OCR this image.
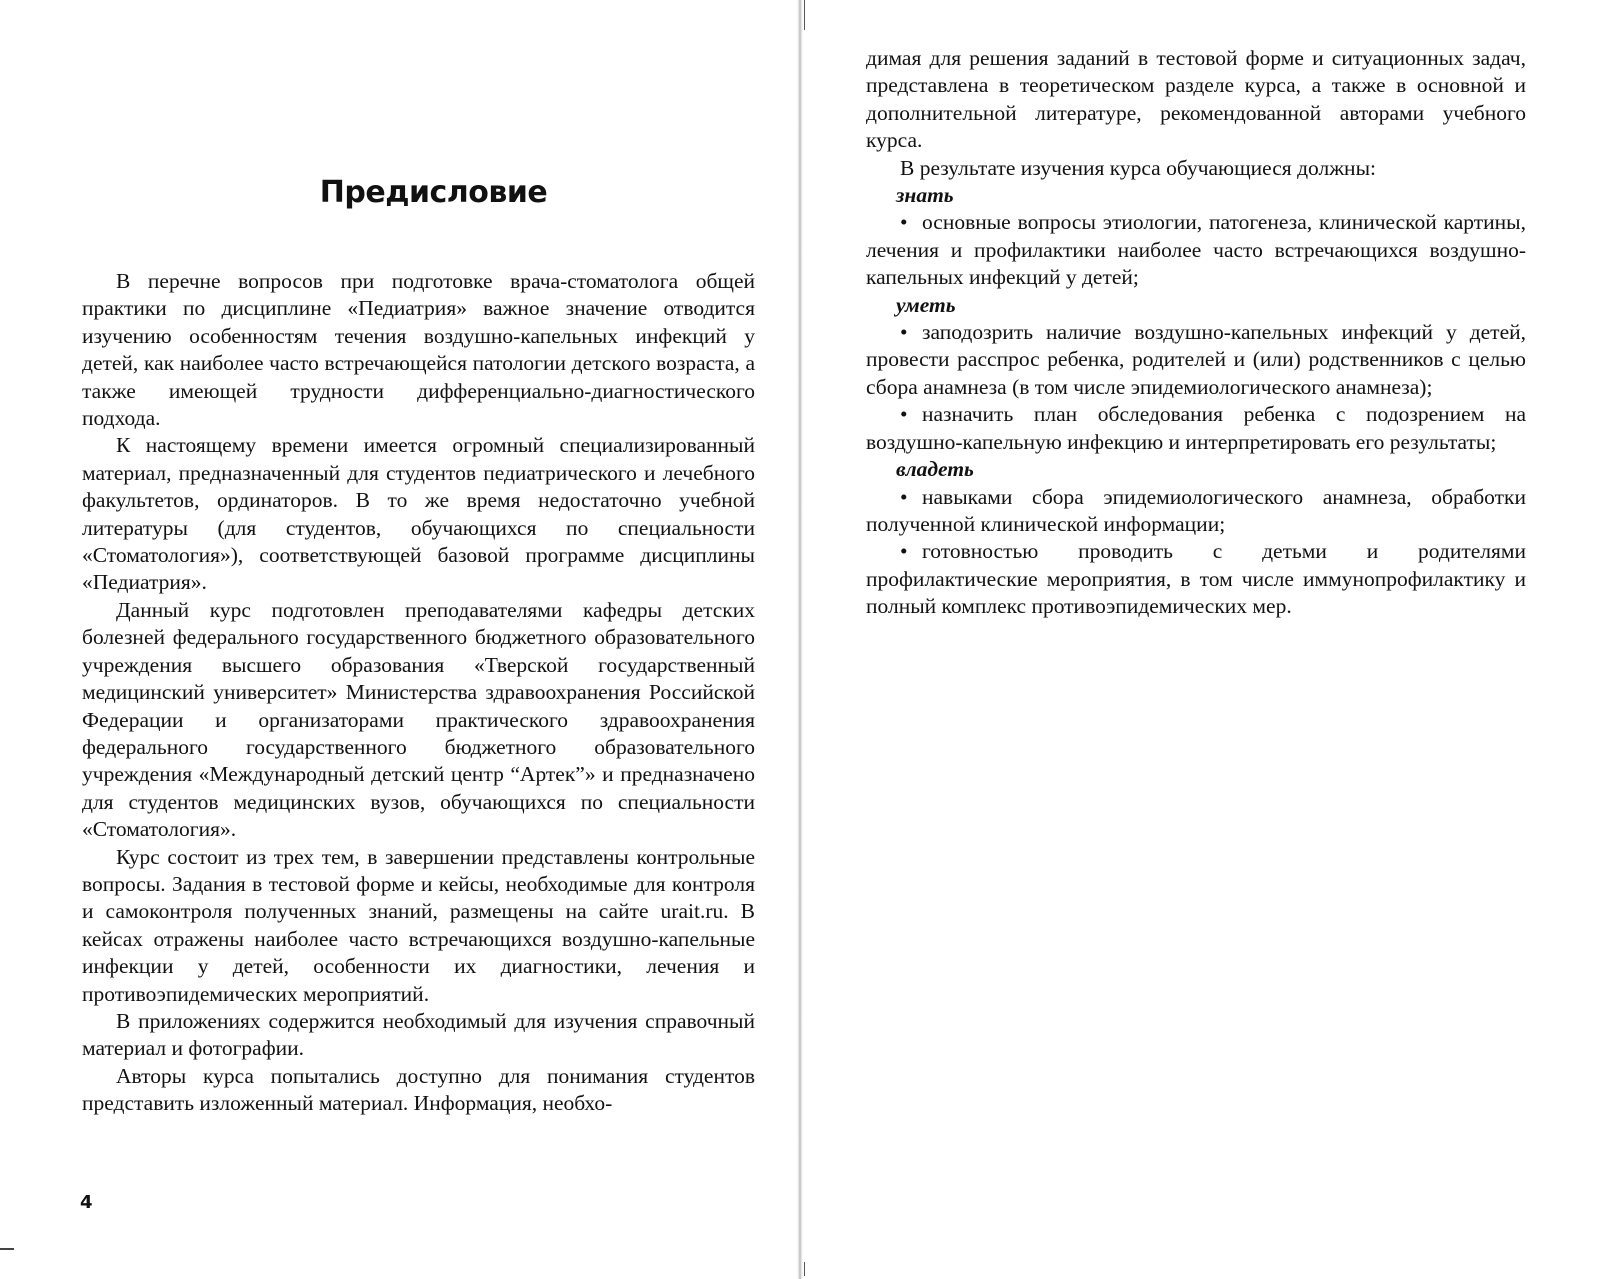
Предисловие

В перечне вопросов при подготовке врача-стоматолога общей практики по дисциплине «Педиатрия» важное значение отводится изучению особенностям течения воздушно-капельных инфекций у детей, как наиболее часто встречающейся патологии детского возраста, а также имеющей трудности дифференциально-диагностического подхода.

К настоящему времени имеется огромный специализированный материал, предназначенный для студентов педиатрического и лечебного факультетов, ординаторов. В то же время недостаточно учебной литературы (для студентов, обучающихся по специальности «Стоматология»), соответствующей базовой программе дисциплины «Педиатрия».

Данный курс подготовлен преподавателями кафедры детских болезней федерального государственного бюджетного образовательного учреждения высшего образования «Тверской государственный медицинский университет» Министерства здравоохранения Российской Федерации и организаторами практического здравоохранения федерального государственного бюджетного образовательного учреждения «Международный детский центр “Артек”» и предназначено для студентов медицинских вузов, обучающихся по специальности «Стоматология».

Курс состоит из трех тем, в завершении представлены контрольные вопросы. Задания в тестовой форме и кейсы, необходимые для контроля и самоконтроля полученных знаний, размещены на сайте urait.ru. В кейсах отражены наиболее часто встречающихся воздушно-капельные инфекции у детей, особенности их диагностики, лечения и противоэпидемических мероприятий.

В приложениях содержится необходимый для изучения справочный материал и фотографии.

Авторы курса попытались доступно для понимания студентов представить изложенный материал. Информация, необхо-

4

димая для решения заданий в тестовой форме и ситуационных задач, представлена в теоретическом разделе курса, а также в основной и дополнительной литературе, рекомендованной авторами учебного курса.

В результате изучения курса обучающиеся должны:

знать

• основные вопросы этиологии, патогенеза, клинической картины, лечения и профилактики наиболее часто встречающихся воздушно-капельных инфекций у детей;

уметь

• заподозрить наличие воздушно-капельных инфекций у детей, провести расспрос ребенка, родителей и (или) родственников с целью сбора анамнеза (в том числе эпидемиологического анамнеза);

• назначить план обследования ребенка с подозрением на воздушно-капельную инфекцию и интерпретировать его результаты;

владеть

• навыками сбора эпидемиологического анамнеза, обработки полученной клинической информации;

• готовностью проводить с детьми и родителями профилактические мероприятия, в том числе иммунопрофилактику и полный комплекс противоэпидемических мер.
